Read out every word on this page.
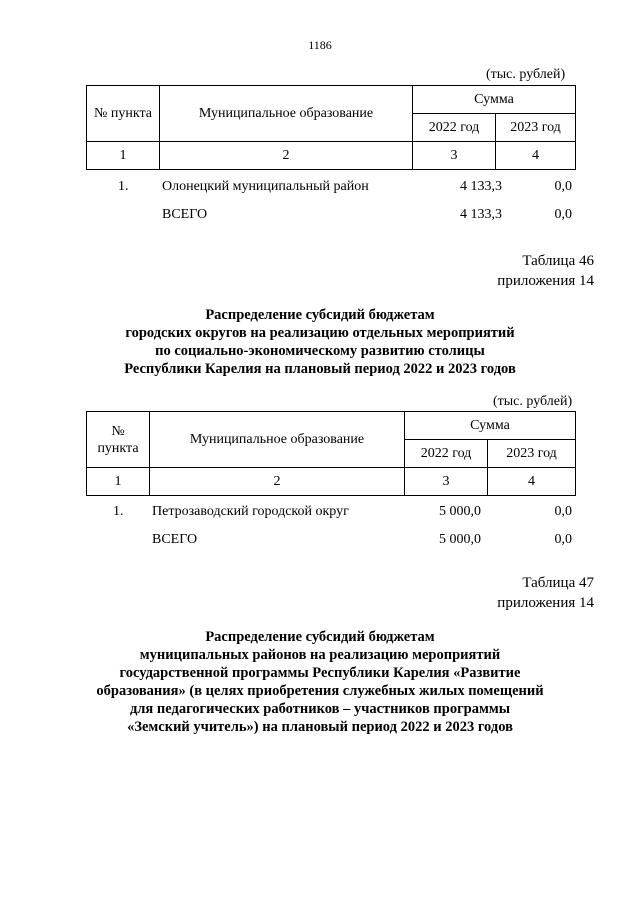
1186
(тыс. рублей)
№ пункта	Муниципальное образование	Сумма	
		2022 год	2023 год
1	2	3	4
1. Олонецкий муниципальный район	4 133,3	0,0
ВСЕГО	4 133,3	0,0
Таблица 46
приложения 14
Распределение субсидий бюджетам
городских округов на реализацию отдельных мероприятий
по социально-экономическому развитию столицы
Республики Карелия на плановый период 2022 и 2023 годов
(тыс. рублей)
№
пункта	Муниципальное образование	Сумма	
		2022 год	2023 год
1	2	3	4
1. Петрозаводский городской округ	5 000,0	0,0
ВСЕГО	5 000,0	0,0
Таблица 47
приложения 14
Распределение субсидий бюджетам
муниципальных районов на реализацию мероприятий
государственной программы Республики Карелия «Развитие
образования» (в целях приобретения служебных жилых помещений
для педагогических работников – участников программы
«Земский учитель») на плановый период 2022 и 2023 годов
